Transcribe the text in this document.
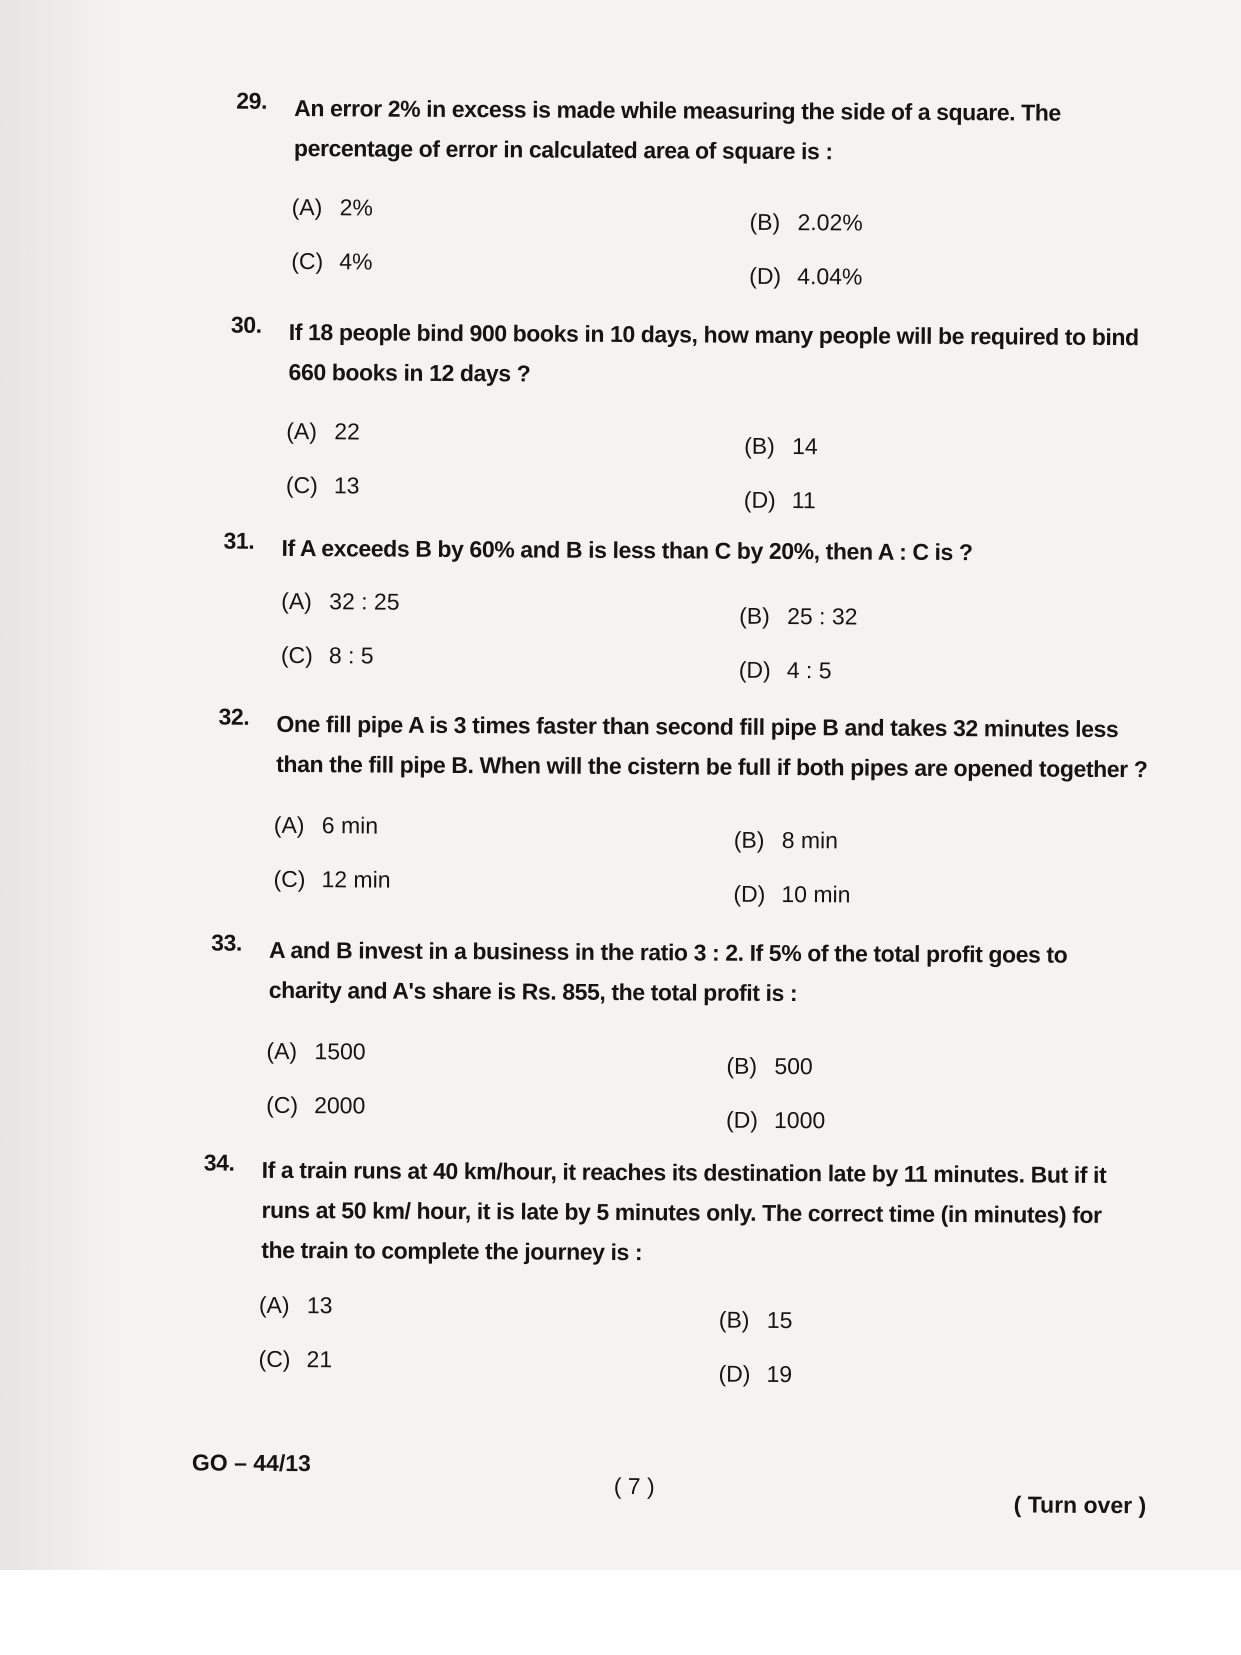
29.	An error 2% in excess is made while measuring the side of a square. The percentage of error in calculated area of square is :
(A) 2%
(B) 2.02%
(C) 4%
(D) 4.04%
30.	If 18 people bind 900 books in 10 days, how many people will be required to bind 660 books in 12 days ?
(A) 22
(B) 14
(C) 13
(D) 11
31.	If A exceeds B by 60% and B is less than C by 20%, then A : C is ?
(A) 32 : 25
(B) 25 : 32
(C) 8 : 5
(D) 4 : 5
32.	One fill pipe A is 3 times faster than second fill pipe B and takes 32 minutes less than the fill pipe B. When will the cistern be full if both pipes are opened together ?
(A) 6 min
(B) 8 min
(C) 12 min
(D) 10 min
33.	A and B invest in a business in the ratio 3 : 2. If 5% of the total profit goes to charity and A's share is Rs. 855, the total profit is :
(A) 1500
(B) 500
(C) 2000
(D) 1000
34.	If a train runs at 40 km/hour, it reaches its destination late by 11 minutes. But if it runs at 50 km/ hour, it is late by 5 minutes only. The correct time (in minutes) for the train to complete the journey is :
(A) 13
(B) 15
(C) 21
(D) 19
GO – 44/13
( 7 )
( Turn over )
